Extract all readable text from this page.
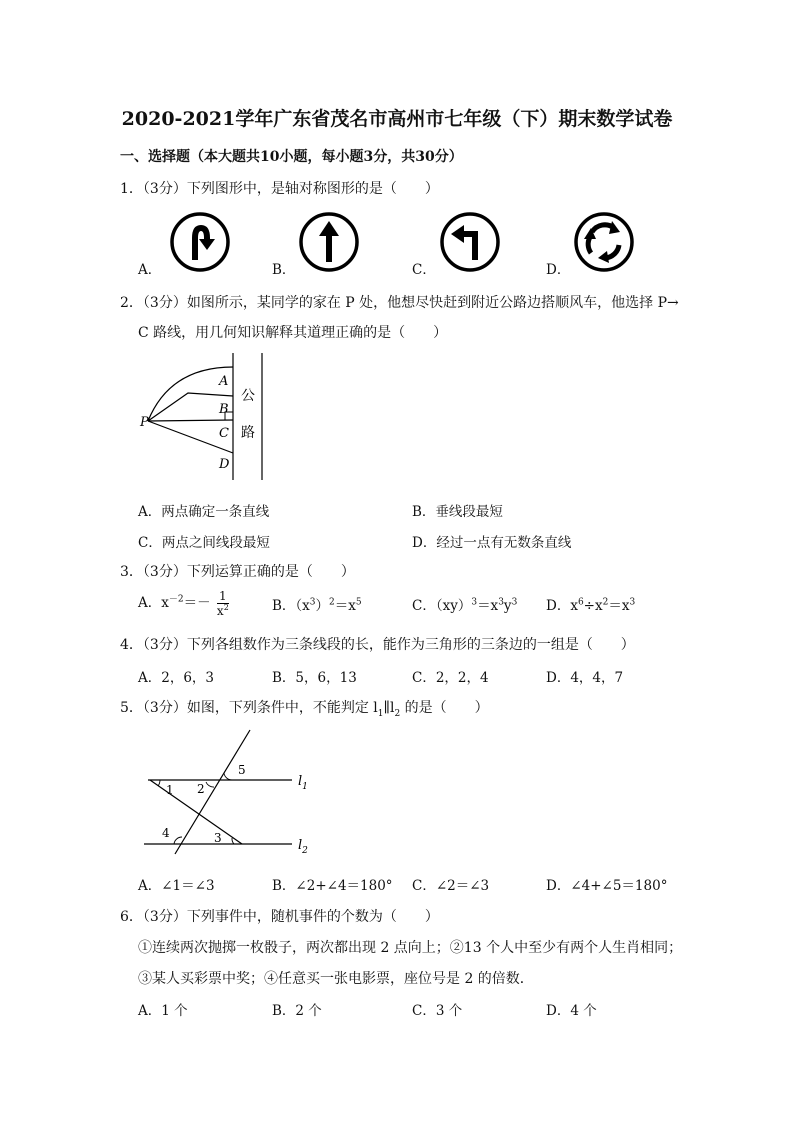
2020-2021学年广东省茂名市高州市七年级（下）期末数学试卷
一、选择题（本大题共10小题，每小题3分，共30分）
1．（3分）下列图形中，是轴对称图形的是（　　）
A．	B．	C．	D．
2．（3分）如图所示，某同学的家在 P 处，他想尽快赶到附近公路边搭顺风车，他选择 P→
C 路线，用几何知识解释其道理正确的是（　　）
A
B
C
D
P
公
路
A．两点确定一条直线	B．垂线段最短
C．两点之间线段最短	D．经过一点有无数条直线
3．（3分）下列运算正确的是（　　）
A．$x^{-2}=- \frac{1}{x^2}$	B．$(x^3)^2=x^5$	C．$(xy)^3=x^3y^3$ D．$x^6\div x^2=x^3$
4．（3分）下列各组数作为三条线段的长，能作为三角形的三条边的一组是（　　）
A．2，6，3	B．5，6，13	C．2，2，4	D．4，4，7
5．（3分）如图，下列条件中，不能判定 $l_1\parallel l_2$ 的是（　　）
1 2
3
4
5
$l_1$
$l_2$
A．∠1＝∠3	B．∠2+∠4＝180° C．∠2＝∠3	D．∠4+∠5＝180°
6．（3分）下列事件中，随机事件的个数为（　　）
①连续两次抛掷一枚骰子，两次都出现 2 点向上；②13 个人中至少有两个人生肖相同；
③某人买彩票中奖；④任意买一张电影票，座位号是 2 的倍数．
A．1 个	B．2 个	C．3 个	D．4 个
